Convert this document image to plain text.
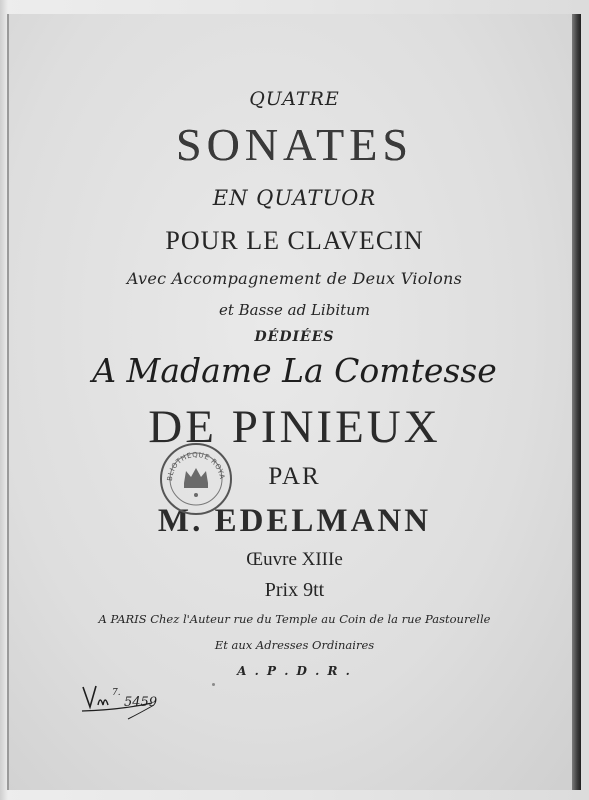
QUATRE
SONATES
EN QUATUOR
POUR LE CLAVECIN
Avec Accompagnement de Deux Violons
et Basse ad Libitum
DÉDIÉES
A Madame La Comtesse
DE PINIEUX
PAR
M. EDELMANN
Œuvre XIIIe
Prix 9tt
A PARIS Chez l'Auteur rue du Temple au Coin de la rue Pastourelle
Et aux Adresses Ordinaires
A . P . D . R .
BLIOTHEQUE ROYA
7.
5459
